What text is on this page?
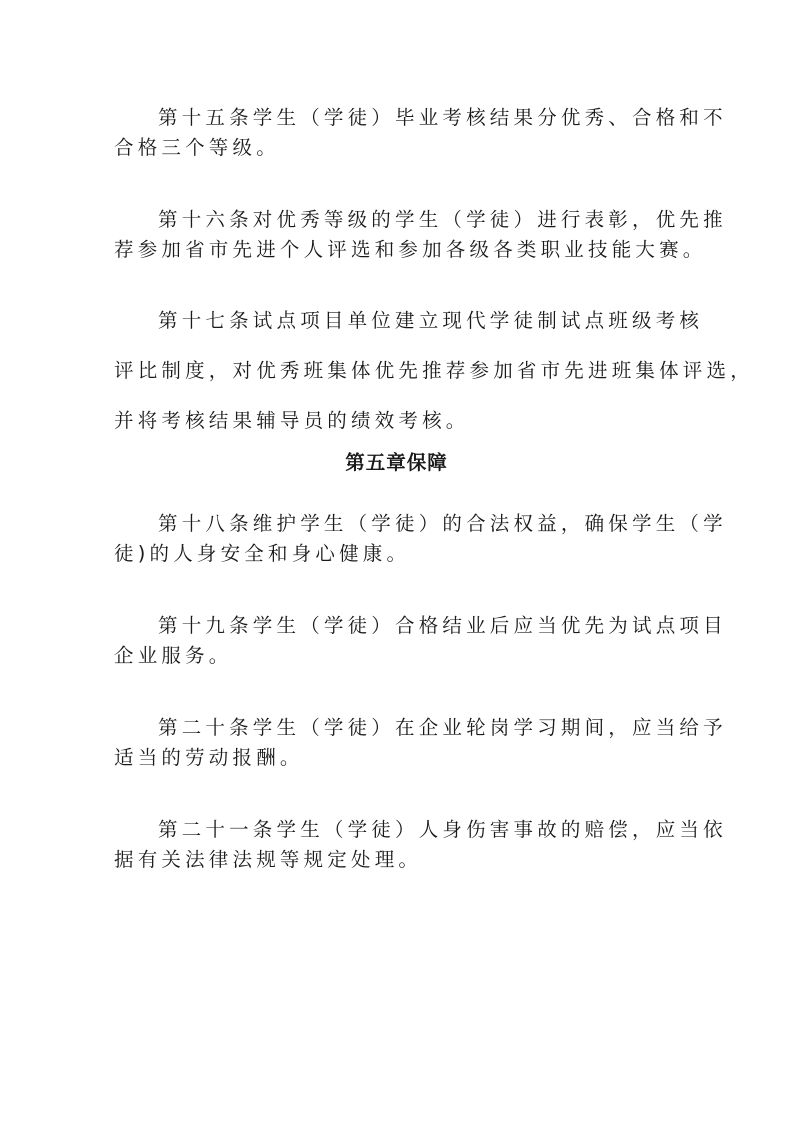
第十五条学生（学徒）毕业考核结果分优秀、合格和不
合格三个等级。
第十六条对优秀等级的学生（学徒）进行表彰，优先推
荐参加省市先进个人评选和参加各级各类职业技能大赛。
第十七条试点项目单位建立现代学徒制试点班级考核
评比制度，对优秀班集体优先推荐参加省市先进班集体评选，
并将考核结果辅导员的绩效考核。
第五章保障
第十八条维护学生（学徒）的合法权益，确保学生（学
徒)的人身安全和身心健康。
第十九条学生（学徒）合格结业后应当优先为试点项目
企业服务。
第二十条学生（学徒）在企业轮岗学习期间，应当给予
适当的劳动报酬。
第二十一条学生（学徒）人身伤害事故的赔偿，应当依
据有关法律法规等规定处理。
